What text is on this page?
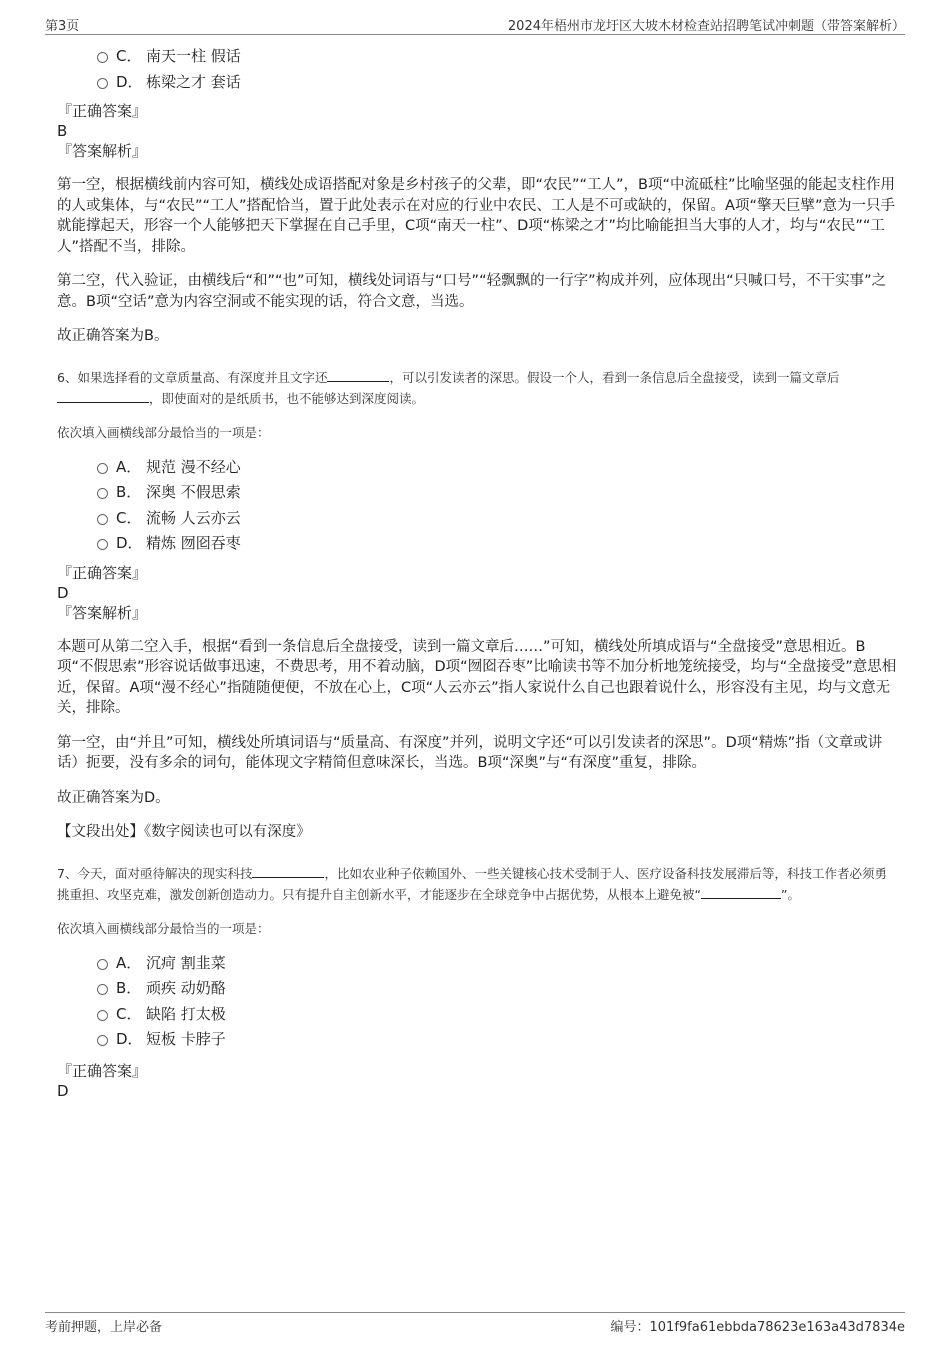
第3页	2024年梧州市龙圩区大坡木材检查站招聘笔试冲刺题（带答案解析）
C． 南天一柱 假话
D． 栋梁之才 套话
『正确答案』
B
『答案解析』

第一空，根据横线前内容可知，横线处成语搭配对象是乡村孩子的父辈，即“农民”“工人”，B项“中流砥柱”比喻坚强的能起支柱作用的人或集体，与“农民”“工人”搭配恰当，置于此处表示在对应的行业中农民、工人是不可或缺的，保留。A项“擎天巨擘”意为一只手就能撑起天，形容一个人能够把天下掌握在自己手里，C项“南天一柱”、D项“栋梁之才”均比喻能担当大事的人才，均与“农民”“工人”搭配不当，排除。

第二空，代入验证，由横线后“和”“也”可知，横线处词语与“口号”“轻飘飘的一行字”构成并列，应体现出“只喊口号，不干实事”之意。B项“空话”意为内容空洞或不能实现的话，符合文意，当选。

故正确答案为B。

6、如果选择看的文章质量高、有深度并且文字还	，可以引发读者的深思。假设一个人，看到一条信息后全盘接受，读到一篇文章后
，即使面对的是纸质书，也不能够达到深度阅读。
依次填入画横线部分最恰当的一项是：
A． 规范 漫不经心
B． 深奥 不假思索
C． 流畅 人云亦云
D． 精炼 囫囵吞枣
『正确答案』
D
『答案解析』

本题可从第二空入手，根据“看到一条信息后全盘接受，读到一篇文章后……”可知，横线处所填成语与“全盘接受”意思相近。B项“不假思索”形容说话做事迅速，不费思考，用不着动脑，D项“囫囵吞枣”比喻读书等不加分析地笼统接受，均与“全盘接受”意思相近，保留。A项“漫不经心”指随随便便，不放在心上，C项“人云亦云”指人家说什么自己也跟着说什么，形容没有主见，均与文意无关，排除。

第一空，由“并且”可知，横线处所填词语与“质量高、有深度”并列，说明文字还“可以引发读者的深思”。D项“精炼”指（文章或讲话）扼要，没有多余的词句，能体现文字精简但意味深长，当选。B项“深奥”与“有深度”重复，排除。

故正确答案为D。

【文段出处】《数字阅读也可以有深度》

7、今天，面对亟待解决的现实科技	，比如农业种子依赖国外、一些关键核心技术受制于人、医疗设备科技发展滞后等，科技工作者必须勇挑重担、攻坚克难，激发创新创造动力。只有提升自主创新水平，才能逐步在全球竞争中占据优势，从根本上避免被“	”。
依次填入画横线部分最恰当的一项是：
A． 沉疴 割韭菜
B． 顽疾 动奶酪
C． 缺陷 打太极
D． 短板 卡脖子
『正确答案』
D
考前押题，上岸必备	编号：101f9fa61ebbda78623e163a43d7834e
